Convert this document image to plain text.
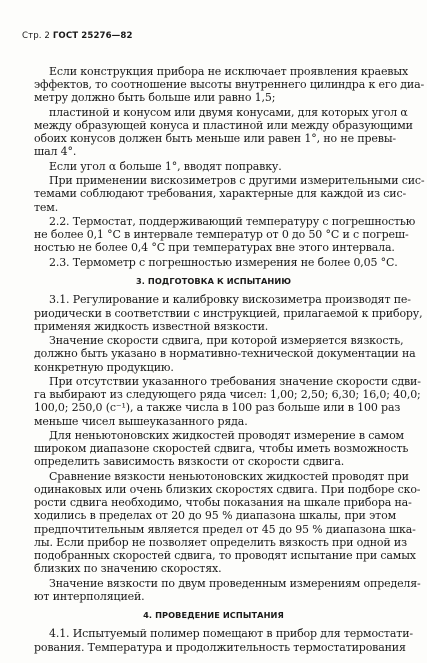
Стр. 2 ГОСТ 25276—82
Если конструкция прибора не исключает проявления краевых
эффектов, то соотношение высоты внутреннего цилиндра к его диа-
метру должно быть больше или равно 1,5;
пластиной и конусом или двумя конусами, для которых угол α
между образующей конуса и пластиной или между образующими
обоих конусов должен быть меньше или равен 1°, но не превы-
шал 4°.
Если угол α больше 1°, вводят поправку.
При применении вискозиметров с другими измерительными сис-
темами соблюдают требования, характерные для каждой из сис-
тем.
2.2. Термостат, поддерживающий температуру с погрешностью
не более 0,1 °С в интервале температур от 0 до 50 °С и с погреш-
ностью не более 0,4 °С при температурах вне этого интервала.
2.3. Термометр с погрешностью измерения не более 0,05 °С.
3. ПОДГОТОВКА К ИСПЫТАНИЮ
3.1. Регулирование и калибровку вискозиметра производят пе-
риодически в соответствии с инструкцией, прилагаемой к прибору,
применяя жидкость известной вязкости.
Значение скорости сдвига, при которой измеряется вязкость,
должно быть указано в нормативно-технической документации на
конкретную продукцию.
При отсутствии указанного требования значение скорости сдви-
га выбирают из следующего ряда чисел: 1,00; 2,50; 6,30; 16,0; 40,0;
100,0; 250,0 (с⁻¹), а также числа в 100 раз больше или в 100 раз
меньше чисел вышеуказанного ряда.
Для неньютоновских жидкостей проводят измерение в самом
широком диапазоне скоростей сдвига, чтобы иметь возможность
определить зависимость вязкости от скорости сдвига.
Сравнение вязкости неньютоновских жидкостей проводят при
одинаковых или очень близких скоростях сдвига. При подборе ско-
рости сдвига необходимо, чтобы показания на шкале прибора на-
ходились в пределах от 20 до 95 % диапазона шкалы, при этом
предпочтительным является предел от 45 до 95 % диапазона шка-
лы. Если прибор не позволяет определить вязкость при одной из
подобранных скоростей сдвига, то проводят испытание при самых
близких по значению скоростях.
Значение вязкости по двум проведенным измерениям определя-
ют интерполяцией.
4. ПРОВЕДЕНИЕ ИСПЫТАНИЯ
4.1. Испытуемый полимер помещают в прибор для термостати-
рования. Температура и продолжительность термостатирования
